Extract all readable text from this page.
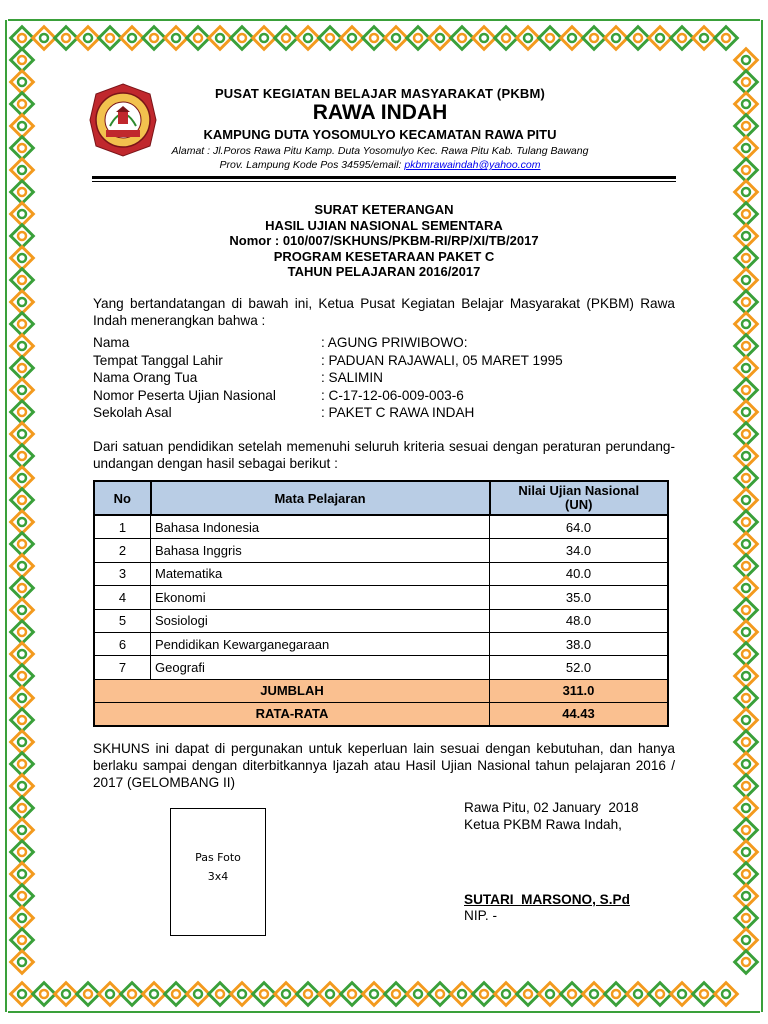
PUSAT KEGIATAN BELAJAR MASYARAKAT (PKBM)
RAWA INDAH
KAMPUNG DUTA YOSOMULYO KECAMATAN RAWA PITU
Alamat : Jl.Poros Rawa Pitu Kamp. Duta Yosomulyo Kec. Rawa Pitu Kab. Tulang Bawang
Prov. Lampung Kode Pos 34595/email: pkbmrawaindah@yahoo.com
SURAT KETERANGAN
HASIL UJIAN NASIONAL SEMENTARA
Nomor : 010/007/SKHUNS/PKBM-RI/RP/XI/TB/2017
PROGRAM KESETARAAN PAKET C
TAHUN PELAJARAN 2016/2017
Yang bertandatangan di bawah ini, Ketua Pusat Kegiatan Belajar Masyarakat (PKBM) Rawa Indah menerangkan bahwa :
Nama	: AGUNG PRIWIBOWO:
Tempat Tanggal Lahir	: PADUAN RAJAWALI, 05 MARET 1995
Nama Orang Tua	: SALIMIN
Nomor Peserta Ujian Nasional	: C-17-12-06-009-003-6
Sekolah Asal	: PAKET C RAWA INDAH
Dari satuan pendidikan setelah memenuhi seluruh kriteria sesuai dengan peraturan perundang-undangan dengan hasil sebagai berikut :
No	Mata Pelajaran	Nilai Ujian Nasional
(UN)

1	Bahasa Indonesia	64.0
2	Bahasa Inggris	34.0
3	Matematika	40.0
4	Ekonomi	35.0
5	Sosiologi	48.0
6	Pendidikan Kewarganegaraan	38.0
7	Geografi	52.0
JUMBLAH		311.0
RATA-RATA		44.43
SKHUNS ini dapat di pergunakan untuk keperluan lain sesuai dengan kebutuhan, dan hanya berlaku sampai dengan diterbitkannya Ijazah atau Hasil Ujian Nasional tahun pelajaran 2016 / 2017 (GELOMBANG II)
Rawa Pitu, 02 January  2018
Ketua PKBM Rawa Indah,
Pas Foto
3x4
SUTARI  MARSONO, S.Pd
NIP. -
